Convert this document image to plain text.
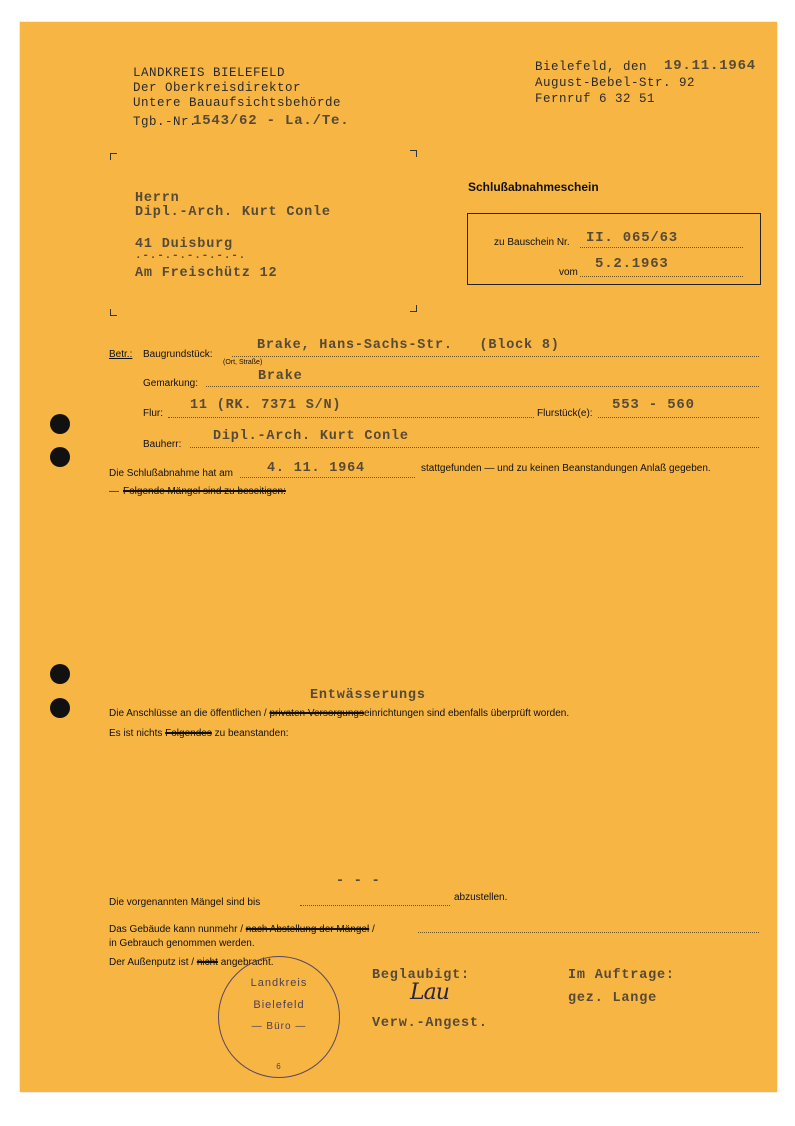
LANDKREIS BIELEFELD
Der Oberkreisdirektor
Untere Bauaufsichtsbehörde
Tgb.-Nr.
1543/62 - La./Te.
Bielefeld, den 19.11.1964
August-Bebel-Str. 92
Fernruf 6 32 51
Herrn
Dipl.-Arch. Kurt Conle
41 Duisburg
.-.-.-.-.-.-.-.
Am Freischütz 12
Schlußabnahmeschein
zu Bauschein Nr. II. 065/63
vom
5.2.1963
Betr.: Baugrundstück:
(Ort, Straße)
Brake, Hans-Sachs-Str.   (Block 8)
Gemarkung:	Brake
Flur:
11 (RK. 7371 S/N)
Flurstück(e):
553 - 560
Bauherr:
Dipl.-Arch. Kurt Conle
Die Schlußabnahme hat am	4. 11. 1964	stattgefunden — und zu keinen Beanstandungen Anlaß gegeben.
— Folgende Mängel sind zu beseitigen:
Entwässerungs
Die Anschlüsse an die öffentlichen / privaten Versorgungseinrichtungen sind ebenfalls überprüft worden.
Es ist nichts Folgendes zu beanstanden:
- - -
Die vorgenannten Mängel sind bis	abzustellen.
Das Gebäude kann nunmehr / nach Abstellung der Mängel /
in Gebrauch genommen werden.
Der Außenputz ist / nicht angebracht.
Landkreis
Bielefeld
— Büro —
6
Beglaubigt:
Lau
Verw.-Angest.
Im Auftrage:
gez. Lange
